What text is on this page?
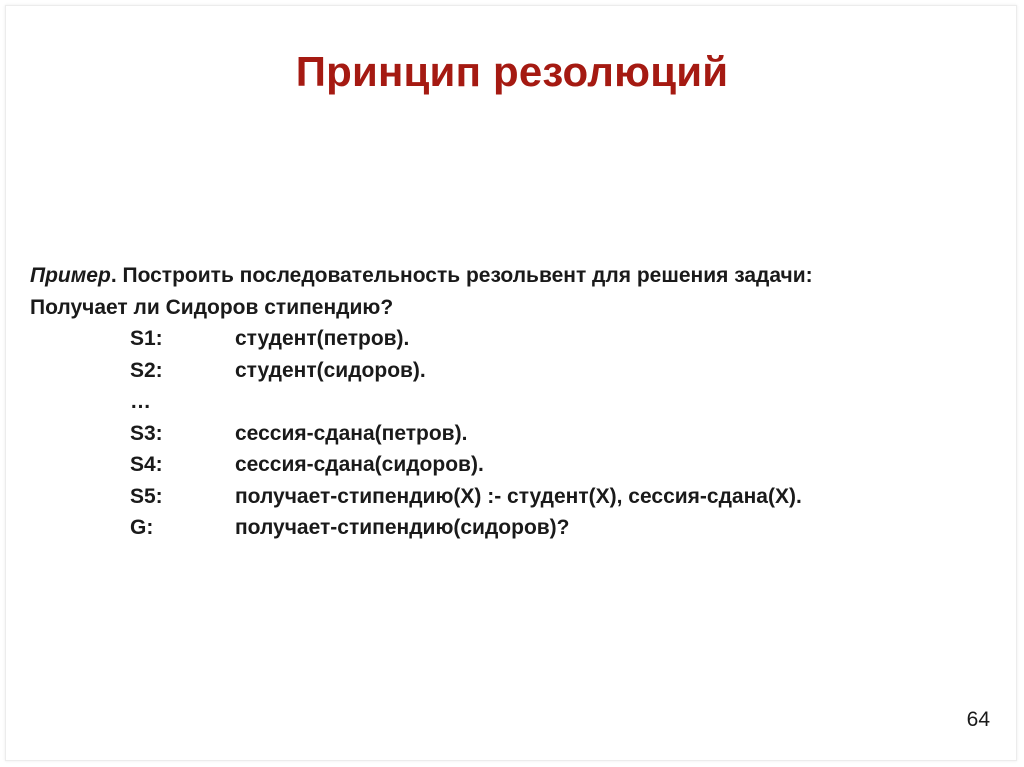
Принцип резолюций
Пример. Построить последовательность резольвент для решения задачи:
Получает ли Сидоров стипендию?
S1:	студент(петров).
S2:	студент(сидоров).
…
S3:	сессия-сдана(петров).
S4:	сессия-сдана(сидоров).
S5:	получает-стипендию(X) :- студент(X), сессия-сдана(X).
G:	получает-стипендию(сидоров)?
64
